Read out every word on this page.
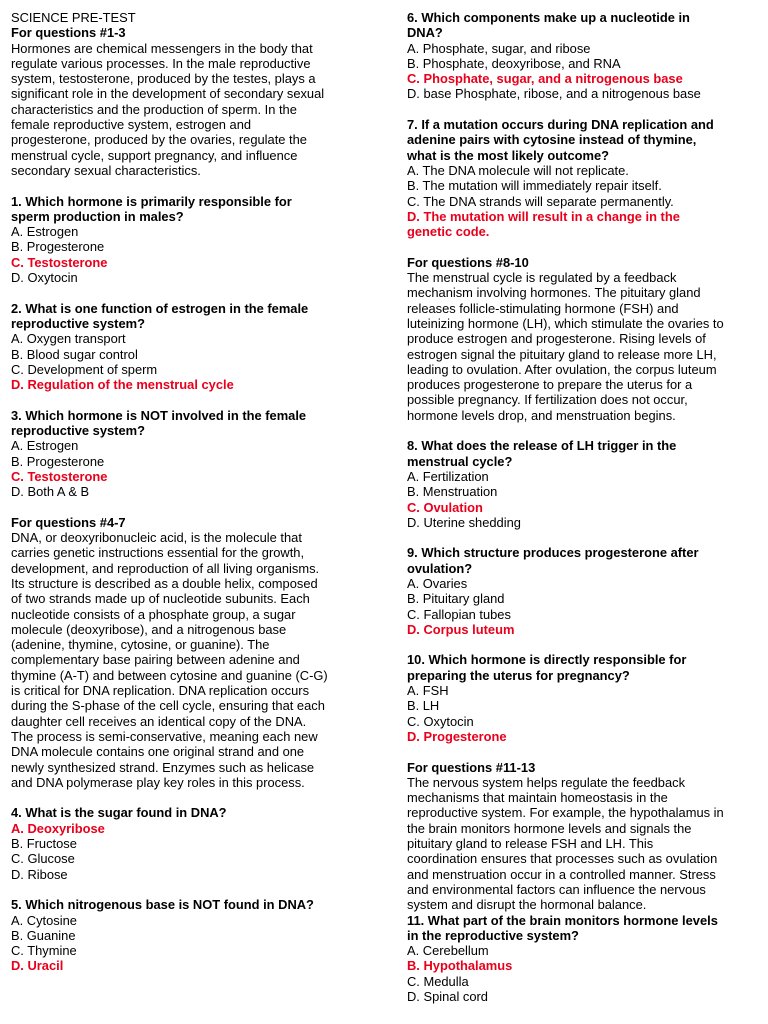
SCIENCE PRE-TEST
For questions #1-3
Hormones are chemical messengers in the body that
regulate various processes. In the male reproductive
system, testosterone, produced by the testes, plays a
significant role in the development of secondary sexual
characteristics and the production of sperm. In the
female reproductive system, estrogen and
progesterone, produced by the ovaries, regulate the
menstrual cycle, support pregnancy, and influence
secondary sexual characteristics.
1. Which hormone is primarily responsible for
sperm production in males?
A. Estrogen
B. Progesterone
C. Testosterone
D. Oxytocin
2. What is one function of estrogen in the female
reproductive system?
A. Oxygen transport
B. Blood sugar control
C. Development of sperm
D. Regulation of the menstrual cycle
3. Which hormone is NOT involved in the female
reproductive system?
A. Estrogen
B. Progesterone
C. Testosterone
D. Both A & B
For questions #4-7
DNA, or deoxyribonucleic acid, is the molecule that
carries genetic instructions essential for the growth,
development, and reproduction of all living organisms.
Its structure is described as a double helix, composed
of two strands made up of nucleotide subunits. Each
nucleotide consists of a phosphate group, a sugar
molecule (deoxyribose), and a nitrogenous base
(adenine, thymine, cytosine, or guanine). The
complementary base pairing between adenine and
thymine (A-T) and between cytosine and guanine (C-G)
is critical for DNA replication. DNA replication occurs
during the S-phase of the cell cycle, ensuring that each
daughter cell receives an identical copy of the DNA.
The process is semi-conservative, meaning each new
DNA molecule contains one original strand and one
newly synthesized strand. Enzymes such as helicase
and DNA polymerase play key roles in this process.
4. What is the sugar found in DNA?
A. Deoxyribose
B. Fructose
C. Glucose
D. Ribose
5. Which nitrogenous base is NOT found in DNA?
A. Cytosine
B. Guanine
C. Thymine
D. Uracil
6. Which components make up a nucleotide in
DNA?
A. Phosphate, sugar, and ribose
B. Phosphate, deoxyribose, and RNA
C. Phosphate, sugar, and a nitrogenous base
D. base Phosphate, ribose, and a nitrogenous base
7. If a mutation occurs during DNA replication and
adenine pairs with cytosine instead of thymine,
what is the most likely outcome?
A. The DNA molecule will not replicate.
B. The mutation will immediately repair itself.
C. The DNA strands will separate permanently.
D. The mutation will result in a change in the
genetic code.
For questions #8-10
The menstrual cycle is regulated by a feedback
mechanism involving hormones. The pituitary gland
releases follicle-stimulating hormone (FSH) and
luteinizing hormone (LH), which stimulate the ovaries to
produce estrogen and progesterone. Rising levels of
estrogen signal the pituitary gland to release more LH,
leading to ovulation. After ovulation, the corpus luteum
produces progesterone to prepare the uterus for a
possible pregnancy. If fertilization does not occur,
hormone levels drop, and menstruation begins.
8. What does the release of LH trigger in the
menstrual cycle?
A. Fertilization
B. Menstruation
C. Ovulation
D. Uterine shedding
9. Which structure produces progesterone after
ovulation?
A. Ovaries
B. Pituitary gland
C. Fallopian tubes
D. Corpus luteum
10. Which hormone is directly responsible for
preparing the uterus for pregnancy?
A. FSH
B. LH
C. Oxytocin
D. Progesterone
For questions #11-13
The nervous system helps regulate the feedback
mechanisms that maintain homeostasis in the
reproductive system. For example, the hypothalamus in
the brain monitors hormone levels and signals the
pituitary gland to release FSH and LH. This
coordination ensures that processes such as ovulation
and menstruation occur in a controlled manner. Stress
and environmental factors can influence the nervous
system and disrupt the hormonal balance.
11. What part of the brain monitors hormone levels
in the reproductive system?
A. Cerebellum
B. Hypothalamus
C. Medulla
D. Spinal cord
